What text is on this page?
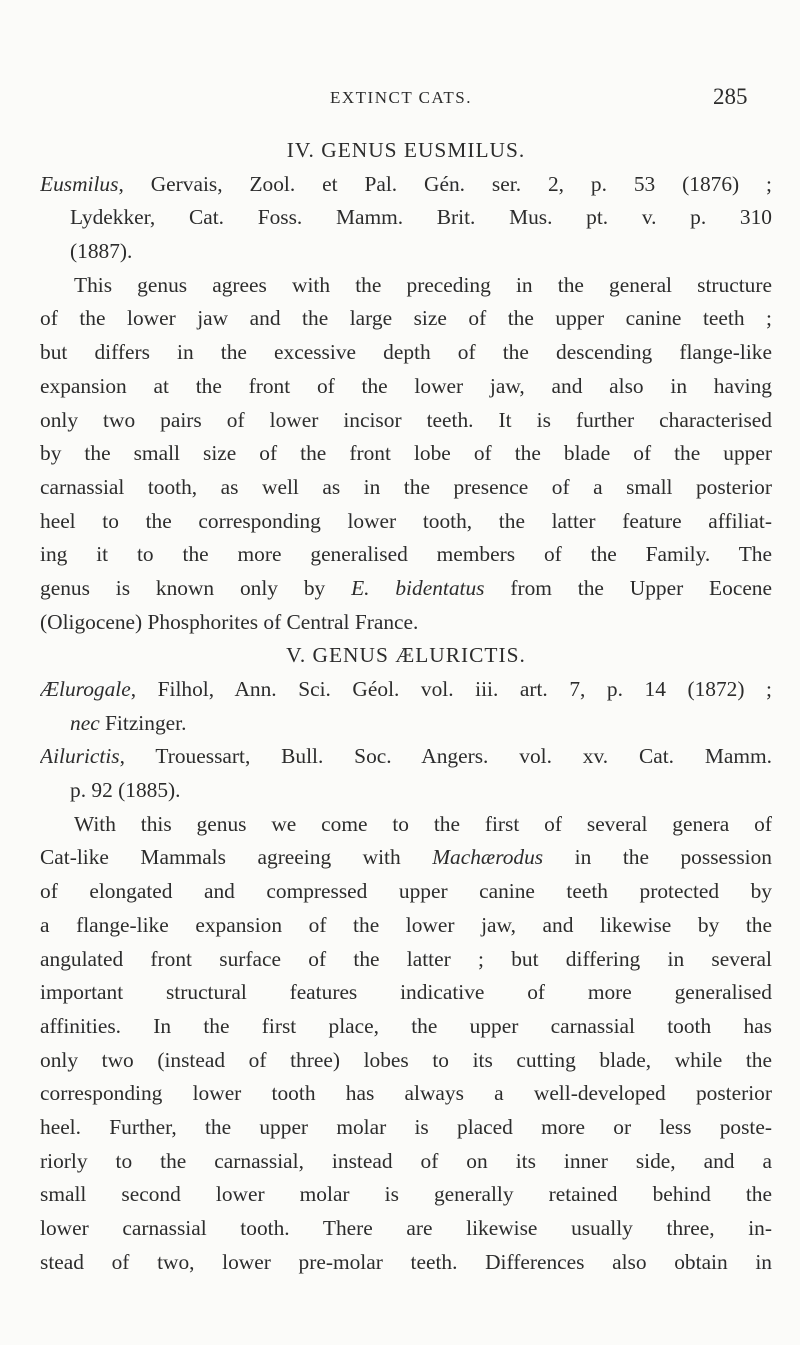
EXTINCT CATS.	285
IV. GENUS EUSMILUS.
Eusmilus, Gervais, Zool. et Pal. Gén. ser. 2, p. 53 (1876) ;
Lydekker, Cat. Foss. Mamm. Brit. Mus. pt. v. p. 310
(1887).
This genus agrees with the preceding in the general structure
of the lower jaw and the large size of the upper canine teeth ;
but differs in the excessive depth of the descending flange-like
expansion at the front of the lower jaw, and also in having
only two pairs of lower incisor teeth. It is further characterised
by the small size of the front lobe of the blade of the upper
carnassial tooth, as well as in the presence of a small posterior
heel to the corresponding lower tooth, the latter feature affiliat-
ing it to the more generalised members of the Family. The
genus is known only by E. bidentatus from the Upper Eocene
(Oligocene) Phosphorites of Central France.
V. GENUS ÆLURICTIS.
Ælurogale, Filhol, Ann. Sci. Géol. vol. iii. art. 7, p. 14 (1872) ;
nec Fitzinger.
Ailurictis, Trouessart, Bull. Soc. Angers. vol. xv. Cat. Mamm.
p. 92 (1885).
With this genus we come to the first of several genera of
Cat-like Mammals agreeing with Machærodus in the possession
of elongated and compressed upper canine teeth protected by
a flange-like expansion of the lower jaw, and likewise by the
angulated front surface of the latter ; but differing in several
important structural features indicative of more generalised
affinities. In the first place, the upper carnassial tooth has
only two (instead of three) lobes to its cutting blade, while the
corresponding lower tooth has always a well-developed posterior
heel. Further, the upper molar is placed more or less poste-
riorly to the carnassial, instead of on its inner side, and a
small second lower molar is generally retained behind the
lower carnassial tooth. There are likewise usually three, in-
stead of two, lower pre-molar teeth. Differences also obtain in
